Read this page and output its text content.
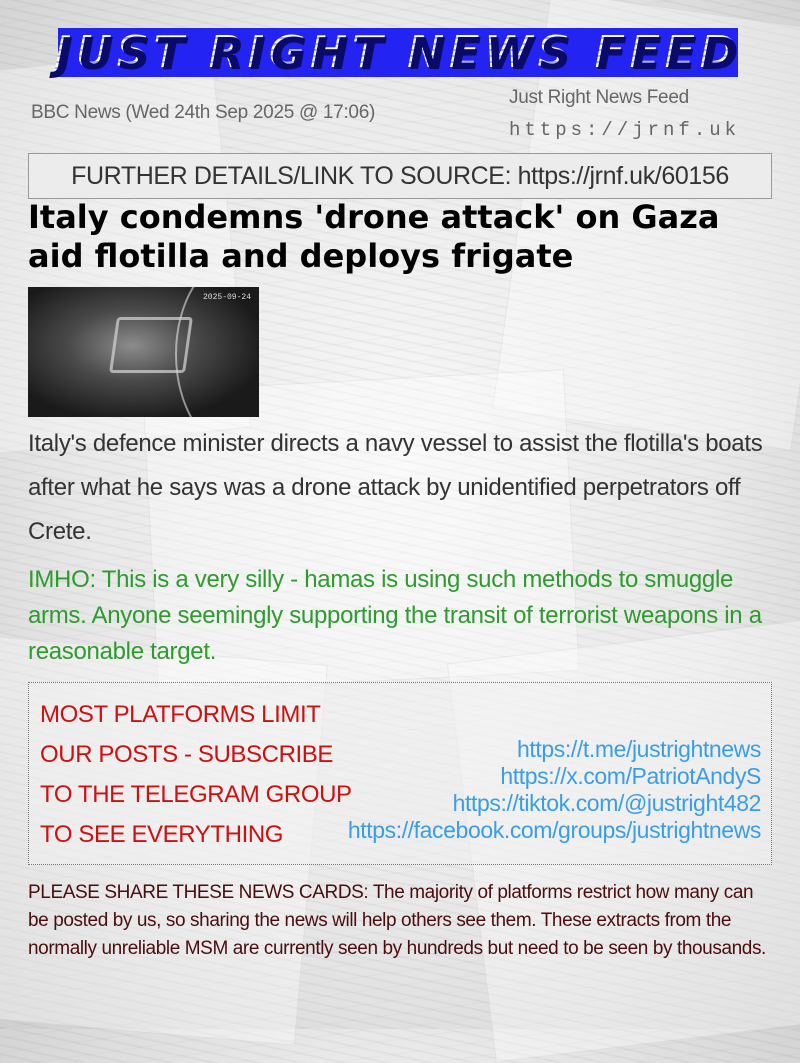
JUST RIGHT NEWS FEED
BBC News (Wed 24th Sep 2025 @ 17:06)
Just Right News Feed
https://jrnf.uk
FURTHER DETAILS/LINK TO SOURCE: https://jrnf.uk/60156
Italy condemns 'drone attack' on Gaza aid flotilla and deploys frigate
2025-09-24
Italy's defence minister directs a navy vessel to assist the flotilla's boats after what he says was a drone attack by unidentified perpetrators off Crete.
IMHO: This is a very silly - hamas is using such methods to smuggle arms. Anyone seemingly supporting the transit of terrorist weapons in a reasonable target.
MOST PLATFORMS LIMIT
OUR POSTS - SUBSCRIBE
TO THE TELEGRAM GROUP
TO SEE EVERYTHING
https://t.me/justrightnews
https://x.com/PatriotAndyS
https://tiktok.com/@justright482
https://facebook.com/groups/justrightnews
PLEASE SHARE THESE NEWS CARDS: The majority of platforms restrict how many can be posted by us, so sharing the news will help others see them. These extracts from the normally unreliable MSM are currently seen by hundreds but need to be seen by thousands.
